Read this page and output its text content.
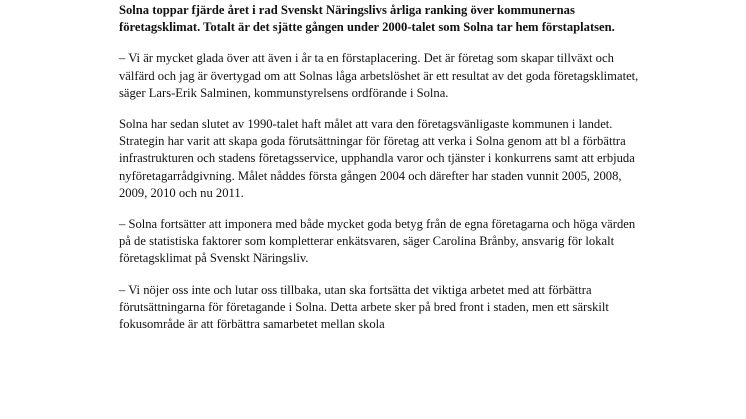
Solna toppar fjärde året i rad Svenskt Näringslivs årliga ranking över kommunernas företagsklimat. Totalt är det sjätte gången under 2000-talet som Solna tar hem förstaplatsen.

– Vi är mycket glada över att även i år ta en förstaplacering. Det är företag som skapar tillväxt och välfärd och jag är övertygad om att Solnas låga arbetslöshet är ett resultat av det goda företagsklimatet, säger Lars-Erik Salminen, kommunstyrelsens ordförande i Solna.

Solna har sedan slutet av 1990-talet haft målet att vara den företagsvänligaste kommunen i landet. Strategin har varit att skapa goda förutsättningar för företag att verka i Solna genom att bl a förbättra infrastrukturen och stadens företagsservice, upphandla varor och tjänster i konkurrens samt att erbjuda nyföretagarrådgivning. Målet nåddes första gången 2004 och därefter har staden vunnit 2005, 2008, 2009, 2010 och nu 2011.

– Solna fortsätter att imponera med både mycket goda betyg från de egna företagarna och höga värden på de statistiska faktorer som kompletterar enkätsvaren, säger Carolina Brånby, ansvarig för lokalt företagsklimat på Svenskt Näringsliv.

– Vi nöjer oss inte och lutar oss tillbaka, utan ska fortsätta det viktiga arbetet med att förbättra förutsättningarna för företagande i Solna. Detta arbete sker på bred front i staden, men ett särskilt fokusområde är att förbättra samarbetet mellan skola
